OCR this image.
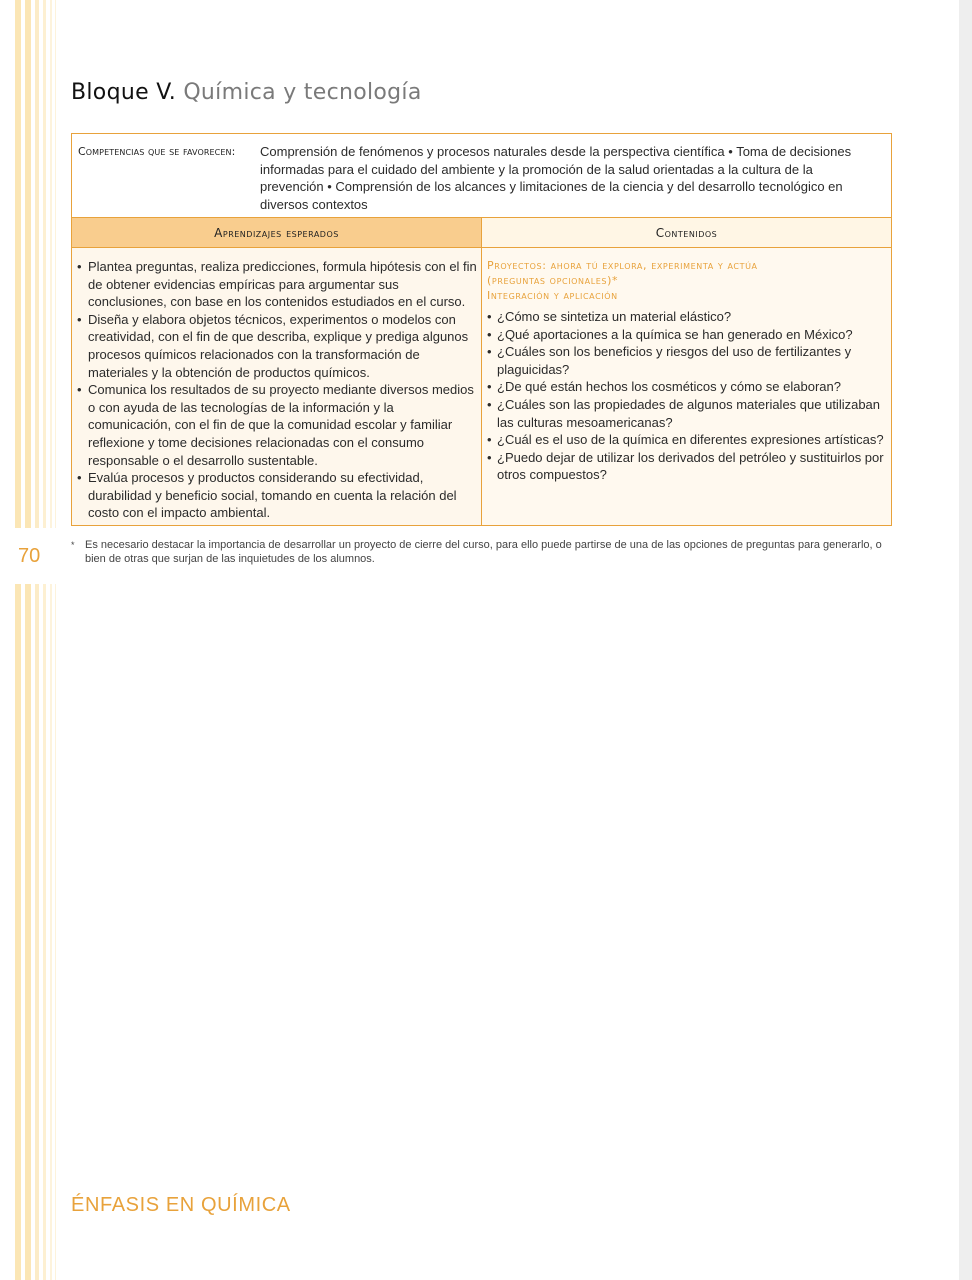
70
Bloque V. Química y tecnología
Competencias que se favorecen: Comprensión de fenómenos y procesos naturales desde la perspectiva científica • Toma de decisiones informadas para el cuidado del ambiente y la promoción de la salud orientadas a la cultura de la prevención • Comprensión de los alcances y limitaciones de la ciencia y del desarrollo tecnológico en diversos contextos
Aprendizajes esperados	Contenidos
• Plantea preguntas, realiza predicciones, formula hipótesis con el fin de obtener evidencias empíricas para argumentar sus conclusiones, con base en los contenidos estudiados en el curso.
• Diseña y elabora objetos técnicos, experimentos o modelos con creatividad, con el fin de que describa, explique y prediga algunos procesos químicos relacionados con la transformación de materiales y la obtención de productos químicos.
• Comunica los resultados de su proyecto mediante diversos medios o con ayuda de las tecnologías de la información y la comunicación, con el fin de que la comunidad escolar y familiar reflexione y tome decisiones relacionadas con el consumo responsable o el desarrollo sustentable.
• Evalúa procesos y productos considerando su efectividad, durabilidad y beneficio social, tomando en cuenta la relación del costo con el impacto ambiental.
Proyectos: ahora tú explora, experimenta y actúa
(preguntas opcionales)*
Integración y aplicación
• ¿Cómo se sintetiza un material elástico?
• ¿Qué aportaciones a la química se han generado en México?
• ¿Cuáles son los beneficios y riesgos del uso de fertilizantes y plaguicidas?
• ¿De qué están hechos los cosméticos y cómo se elaboran?
• ¿Cuáles son las propiedades de algunos materiales que utilizaban las culturas mesoamericanas?
• ¿Cuál es el uso de la química en diferentes expresiones artísticas?
• ¿Puedo dejar de utilizar los derivados del petróleo y sustituirlos por otros compuestos?
* Es necesario destacar la importancia de desarrollar un proyecto de cierre del curso, para ello puede partirse de una de las opciones de preguntas para generarlo, o bien de otras que surjan de las inquietudes de los alumnos.
ÉNFASIS EN QUÍMICA
